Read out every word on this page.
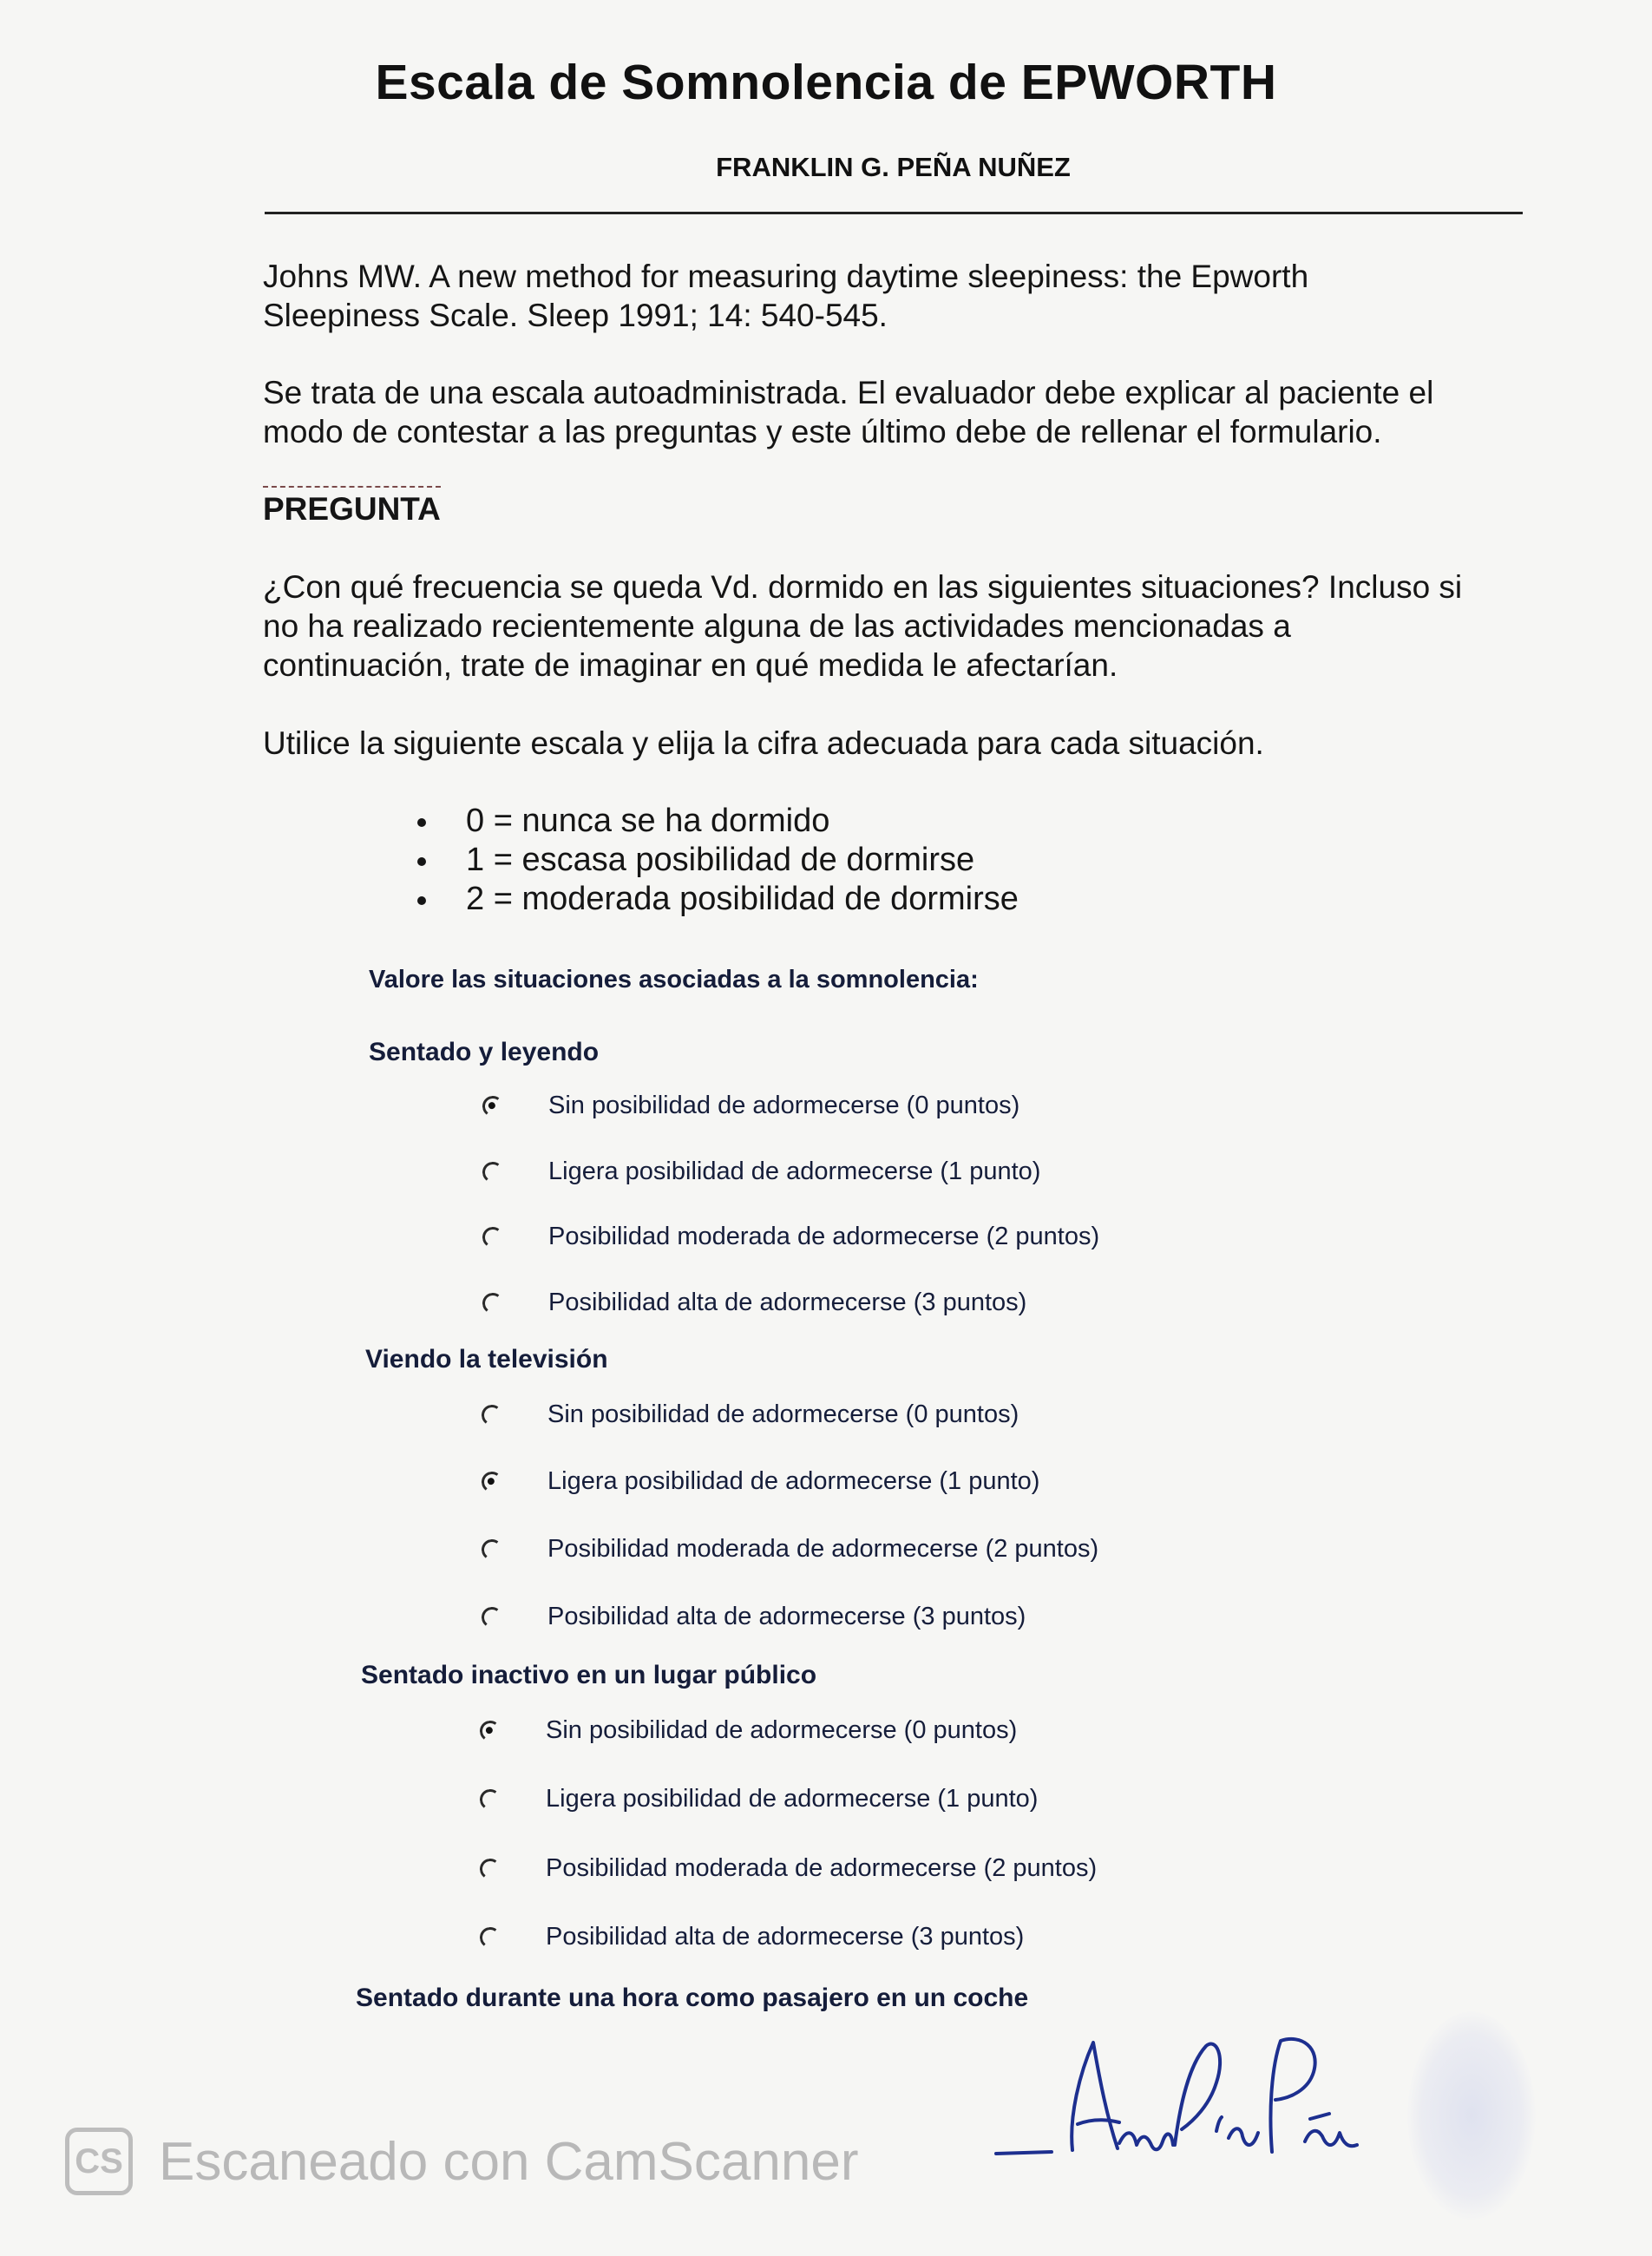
Escala de Somnolencia de EPWORTH
FRANKLIN G. PEÑA NUÑEZ
Johns MW. A new method for measuring daytime sleepiness: the Epworth
Sleepiness Scale. Sleep 1991; 14: 540-545.
Se trata de una escala autoadministrada. El evaluador debe explicar al paciente el
modo de contestar a las preguntas y este último debe de rellenar el formulario.
PREGUNTA
¿Con qué frecuencia se queda Vd. dormido en las siguientes situaciones? Incluso si
no ha realizado recientemente alguna de las actividades mencionadas a
continuación, trate de imaginar en qué medida le afectarían.
Utilice la siguiente escala y elija la cifra adecuada para cada situación.
0 = nunca se ha dormido
1 = escasa posibilidad de dormirse
2 = moderada posibilidad de dormirse
Valore las situaciones asociadas a la somnolencia:
Sentado y leyendo
Sin posibilidad de adormecerse (0 puntos)
Ligera posibilidad de adormecerse (1 punto)
Posibilidad moderada de adormecerse (2 puntos)
Posibilidad alta de adormecerse (3 puntos)
Viendo la televisión
Sin posibilidad de adormecerse (0 puntos)
Ligera posibilidad de adormecerse (1 punto)
Posibilidad moderada de adormecerse (2 puntos)
Posibilidad alta de adormecerse (3 puntos)
Sentado inactivo en un lugar público
Sin posibilidad de adormecerse (0 puntos)
Ligera posibilidad de adormecerse (1 punto)
Posibilidad moderada de adormecerse (2 puntos)
Posibilidad alta de adormecerse (3 puntos)
Sentado durante una hora como pasajero en un coche
CS Escaneado con CamScanner
